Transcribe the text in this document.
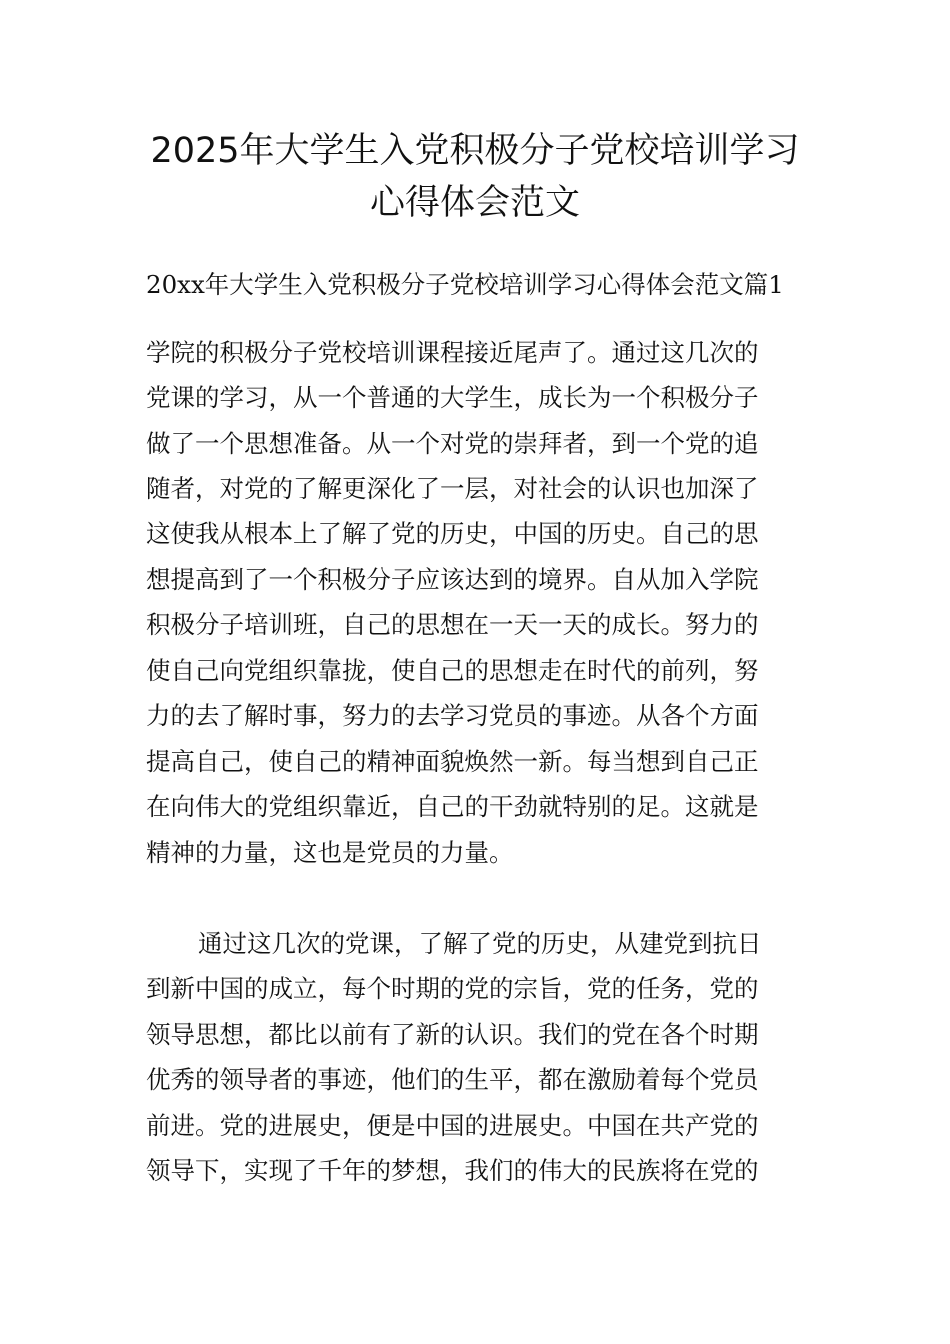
2025年大学生入党积极分子党校培训学习
心得体会范文
20xx年大学生入党积极分子党校培训学习心得体会范文篇1
学院的积极分子党校培训课程接近尾声了。通过这几次的
党课的学习，从一个普通的大学生，成长为一个积极分子
做了一个思想准备。从一个对党的崇拜者，到一个党的追
随者，对党的了解更深化了一层，对社会的认识也加深了
这使我从根本上了解了党的历史，中国的历史。自己的思
想提高到了一个积极分子应该达到的境界。自从加入学院
积极分子培训班，自己的思想在一天一天的成长。努力的
使自己向党组织靠拢，使自己的思想走在时代的前列，努
力的去了解时事，努力的去学习党员的事迹。从各个方面
提高自己，使自己的精神面貌焕然一新。每当想到自己正
在向伟大的党组织靠近，自己的干劲就特别的足。这就是
精神的力量，这也是党员的力量。
通过这几次的党课，了解了党的历史，从建党到抗日
到新中国的成立，每个时期的党的宗旨，党的任务，党的
领导思想，都比以前有了新的认识。我们的党在各个时期
优秀的领导者的事迹，他们的生平，都在激励着每个党员
前进。党的进展史，便是中国的进展史。中国在共产党的
领导下，实现了千年的梦想，我们的伟大的民族将在党的
